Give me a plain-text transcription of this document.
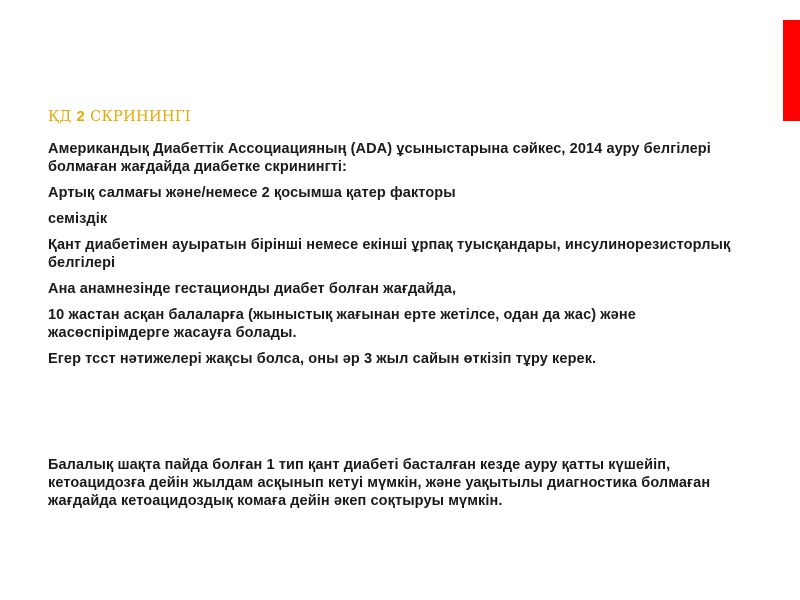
ҚД 2 СКРИНИНГІ

Американдық Диабеттік Ассоциацияның (ADA) ұсыныстарына сәйкес, 2014 ауру белгілері болмаған жағдайда диабетке скринингті:

Артық салмағы және/немесе 2 қосымша қатер факторы

семіздік

Қант диабетімен ауыратын бірінші немесе екінші ұрпақ туысқандары, инсулинорезисторлық белгілері

Ана анамнезінде гестационды диабет болған жағдайда,

10 жастан асқан балаларға (жыныстық жағынан ерте жетілсе, одан да жас) және жасөспірімдерге жасауға болады.

Егер тсст нәтижелері жақсы болса, оны әр 3 жыл сайын өткізіп тұру керек.

Балалық шақта пайда болған 1 тип қант диабеті басталған кезде ауру қатты күшейіп, кетоацидозға дейін жылдам асқынып кетуі мүмкін, және уақытылы диагностика болмаған жағдайда кетоацидоздық комаға дейін әкеп соқтыруы мүмкін.
